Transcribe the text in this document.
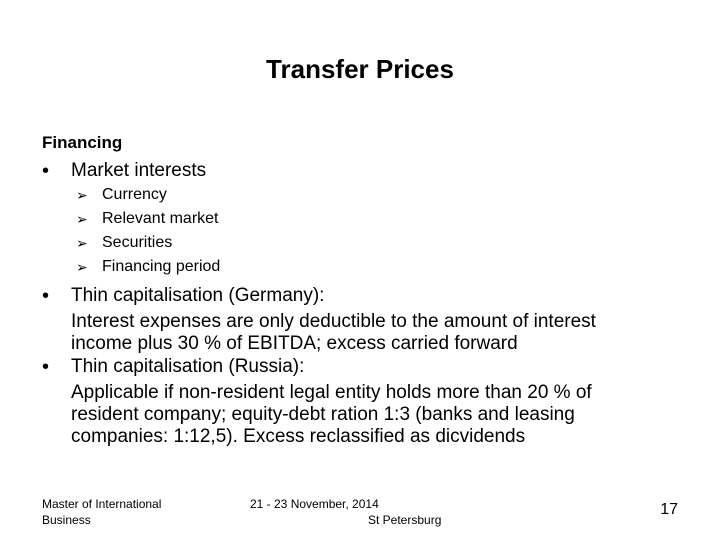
Transfer Prices
Financing
•	Market interests
➢ Currency
➢ Relevant market
➢ Securities
➢ Financing period
•	Thin capitalisation (Germany):
Interest expenses are only deductible to the amount of interest income plus 30 % of EBITDA; excess carried forward
•	Thin capitalisation (Russia):
Applicable if non-resident legal entity holds more than 20 % of resident company; equity-debt ration 1:3 (banks and leasing companies: 1:12,5). Excess reclassified as dicvidends
Master of International Business
21 - 23 November, 2014
St Petersburg
17
